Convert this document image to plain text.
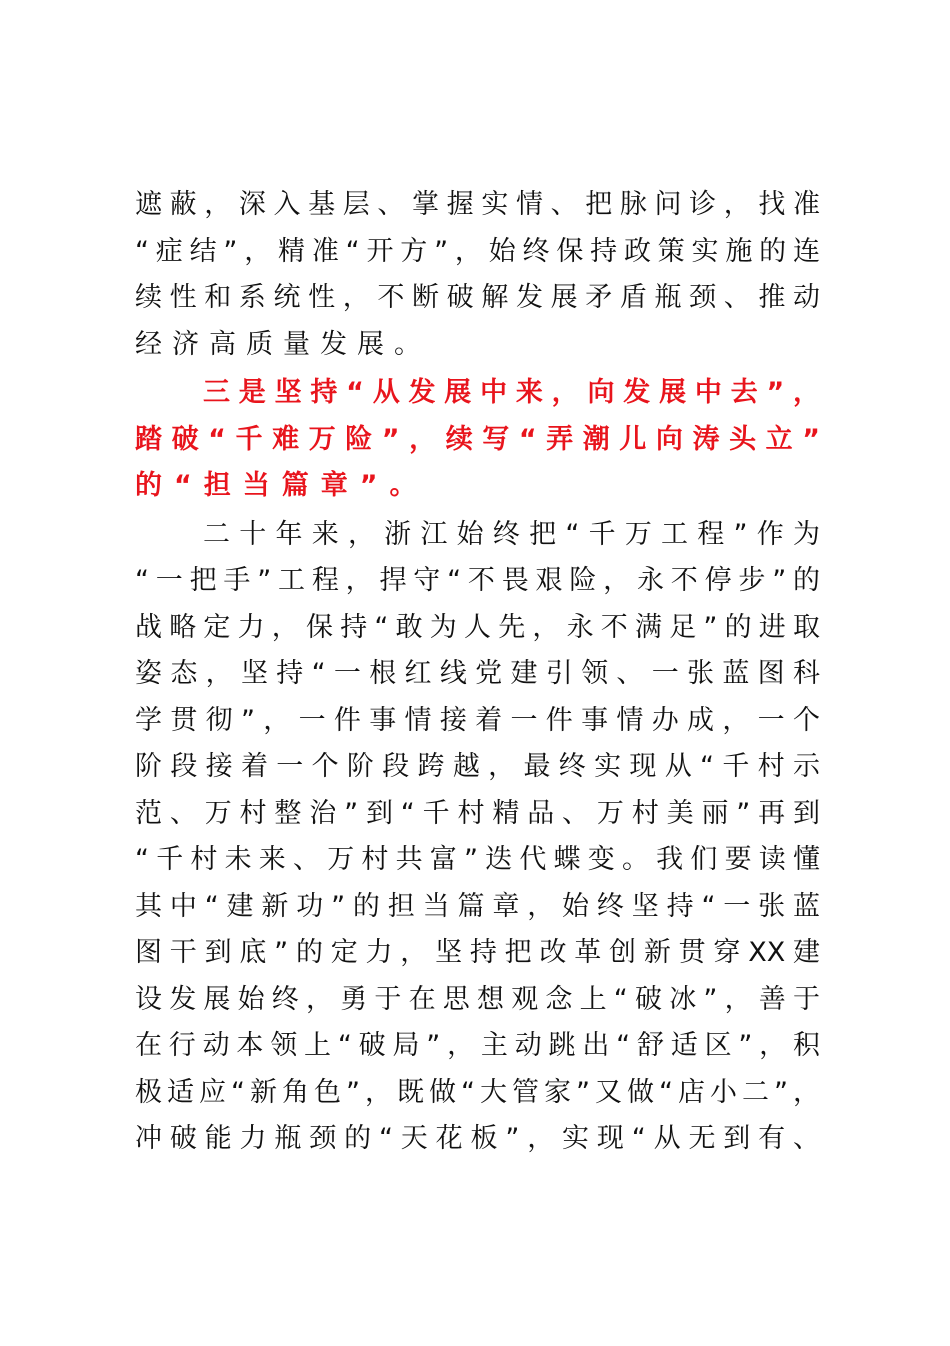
遮蔽，深入基层、掌握实情、把脉问诊，找准
“症结”，精准“开方”，始终保持政策实施的连
续性和系统性，不断破解发展矛盾瓶颈、推动
经济高质量发展。
三是坚持“从发展中来，向发展中去”，
踏破“千难万险”，续写“弄潮儿向涛头立”
的“担当篇章”。
二十年来，浙江始终把“千万工程”作为
“一把手”工程，捍守“不畏艰险，永不停步”的
战略定力，保持“敢为人先，永不满足”的进取
姿态，坚持“一根红线党建引领、一张蓝图科
学贯彻”，一件事情接着一件事情办成，一个
阶段接着一个阶段跨越，最终实现从“千村示
范、万村整治”到“千村精品、万村美丽”再到
“千村未来、万村共富”迭代蝶变。我们要读懂
其中“建新功”的担当篇章，始终坚持“一张蓝
图干到底”的定力，坚持把改革创新贯穿XX建
设发展始终，勇于在思想观念上“破冰”，善于
在行动本领上“破局”，主动跳出“舒适区”，积
极适应“新角色”，既做“大管家”又做“店小二”，
冲破能力瓶颈的“天花板”，实现“从无到有、
